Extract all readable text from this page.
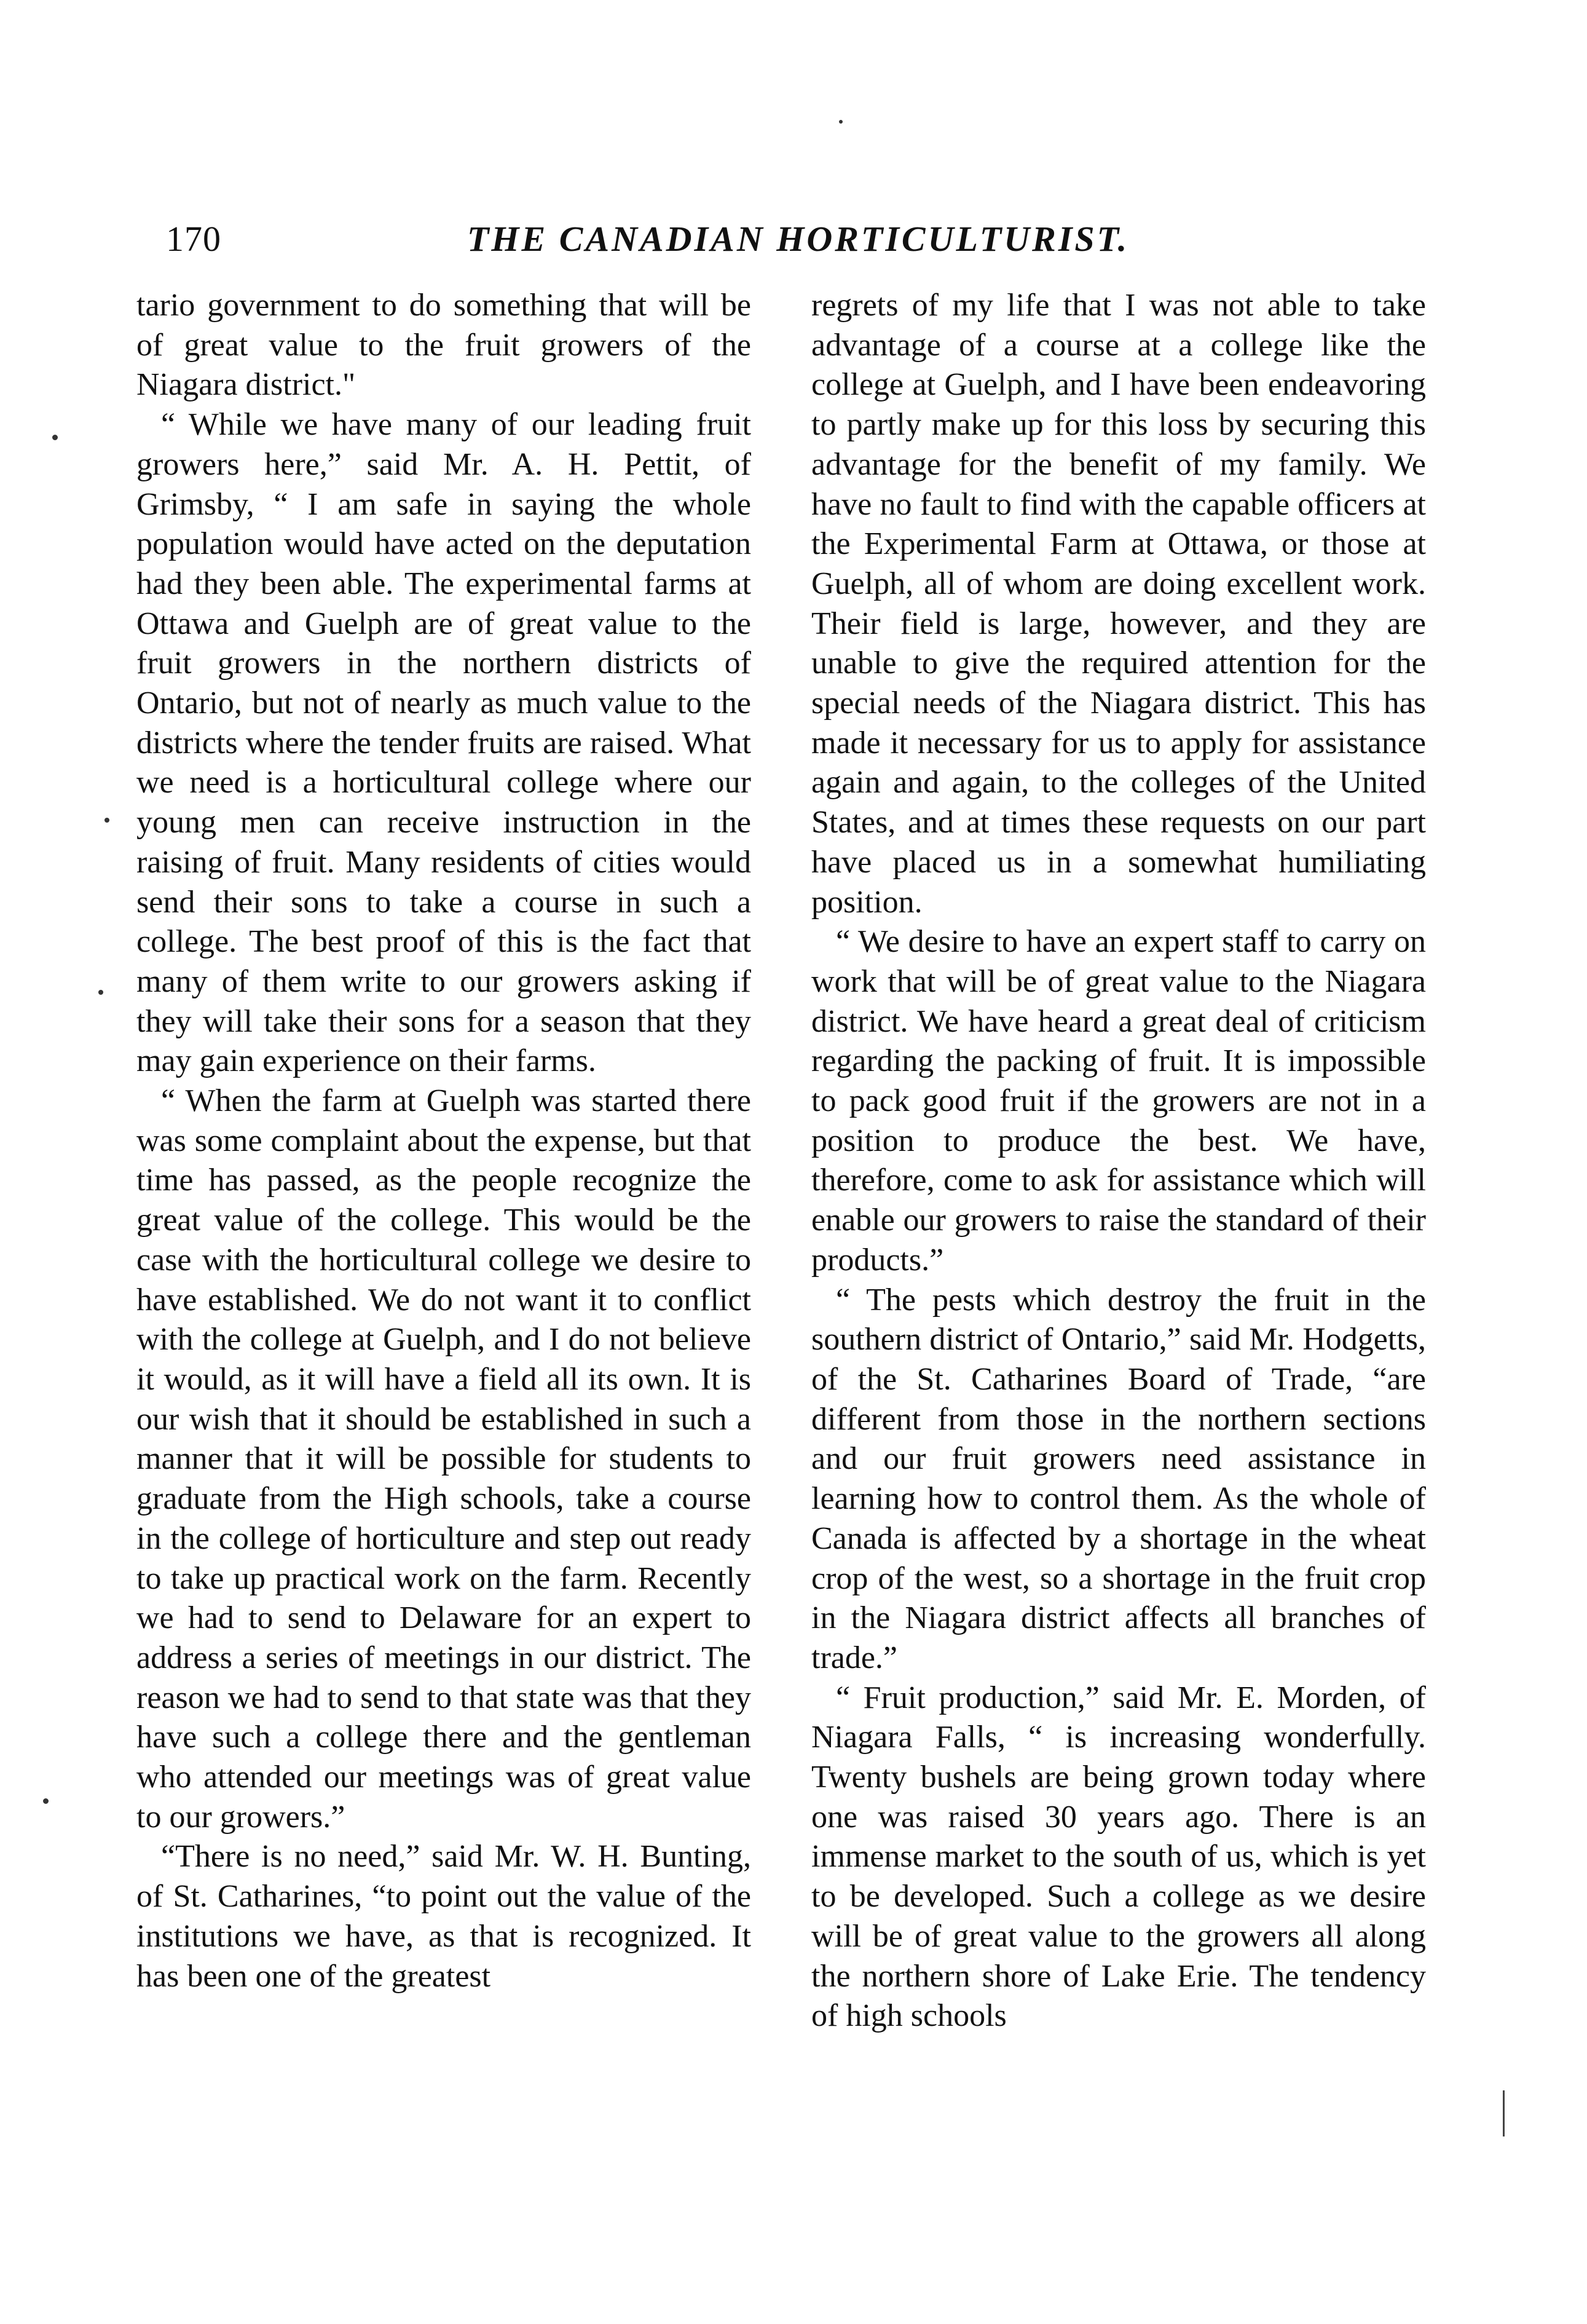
170	THE CANADIAN HORTICULTURIST.

tario government to do something that will be of great value to the fruit growers of the Niagara district."

“ While we have many of our leading fruit growers here,” said Mr. A. H. Pettit, of Grimsby, “ I am safe in saying the whole population would have acted on the deputation had they been able. The experimental farms at Ottawa and Guelph are of great value to the fruit growers in the northern districts of Ontario, but not of nearly as much value to the districts where the tender fruits are raised. What we need is a horticultural college where our young men can receive instruction in the raising of fruit. Many residents of cities would send their sons to take a course in such a college. The best proof of this is the fact that many of them write to our growers asking if they will take their sons for a season that they may gain experience on their farms.

“ When the farm at Guelph was started there was some complaint about the expense, but that time has passed, as the people recognize the great value of the college. This would be the case with the horticultural college we desire to have established. We do not want it to conflict with the college at Guelph, and I do not believe it would, as it will have a field all its own. It is our wish that it should be established in such a manner that it will be possible for students to graduate from the High schools, take a course in the college of horticulture and step out ready to take up practical work on the farm. Recently we had to send to Delaware for an expert to address a series of meetings in our district. The reason we had to send to that state was that they have such a college there and the gentleman who attended our meetings was of great value to our growers.”

“There is no need,” said Mr. W. H. Bunting, of St. Catharines, “to point out the value of the institutions we have, as that is recognized. It has been one of the greatest

regrets of my life that I was not able to take advantage of a course at a college like the college at Guelph, and I have been endeavoring to partly make up for this loss by securing this advantage for the benefit of my family. We have no fault to find with the capable officers at the Experimental Farm at Ottawa, or those at Guelph, all of whom are doing excellent work. Their field is large, however, and they are unable to give the required attention for the special needs of the Niagara district. This has made it necessary for us to apply for assistance again and again, to the colleges of the United States, and at times these requests on our part have placed us in a somewhat humiliating position.

“ We desire to have an expert staff to carry on work that will be of great value to the Niagara district. We have heard a great deal of criticism regarding the packing of fruit. It is impossible to pack good fruit if the growers are not in a position to produce the best. We have, therefore, come to ask for assistance which will enable our growers to raise the standard of their products.”

“ The pests which destroy the fruit in the southern district of Ontario,” said Mr. Hodgetts, of the St. Catharines Board of Trade, “are different from those in the northern sections and our fruit growers need assistance in learning how to control them. As the whole of Canada is affected by a shortage in the wheat crop of the west, so a shortage in the fruit crop in the Niagara district affects all branches of trade.”

“ Fruit production,” said Mr. E. Morden, of Niagara Falls, “ is increasing wonderfully. Twenty bushels are being grown today where one was raised 30 years ago. There is an immense market to the south of us, which is yet to be developed. Such a college as we desire will be of great value to the growers all along the northern shore of Lake Erie. The tendency of high schools
